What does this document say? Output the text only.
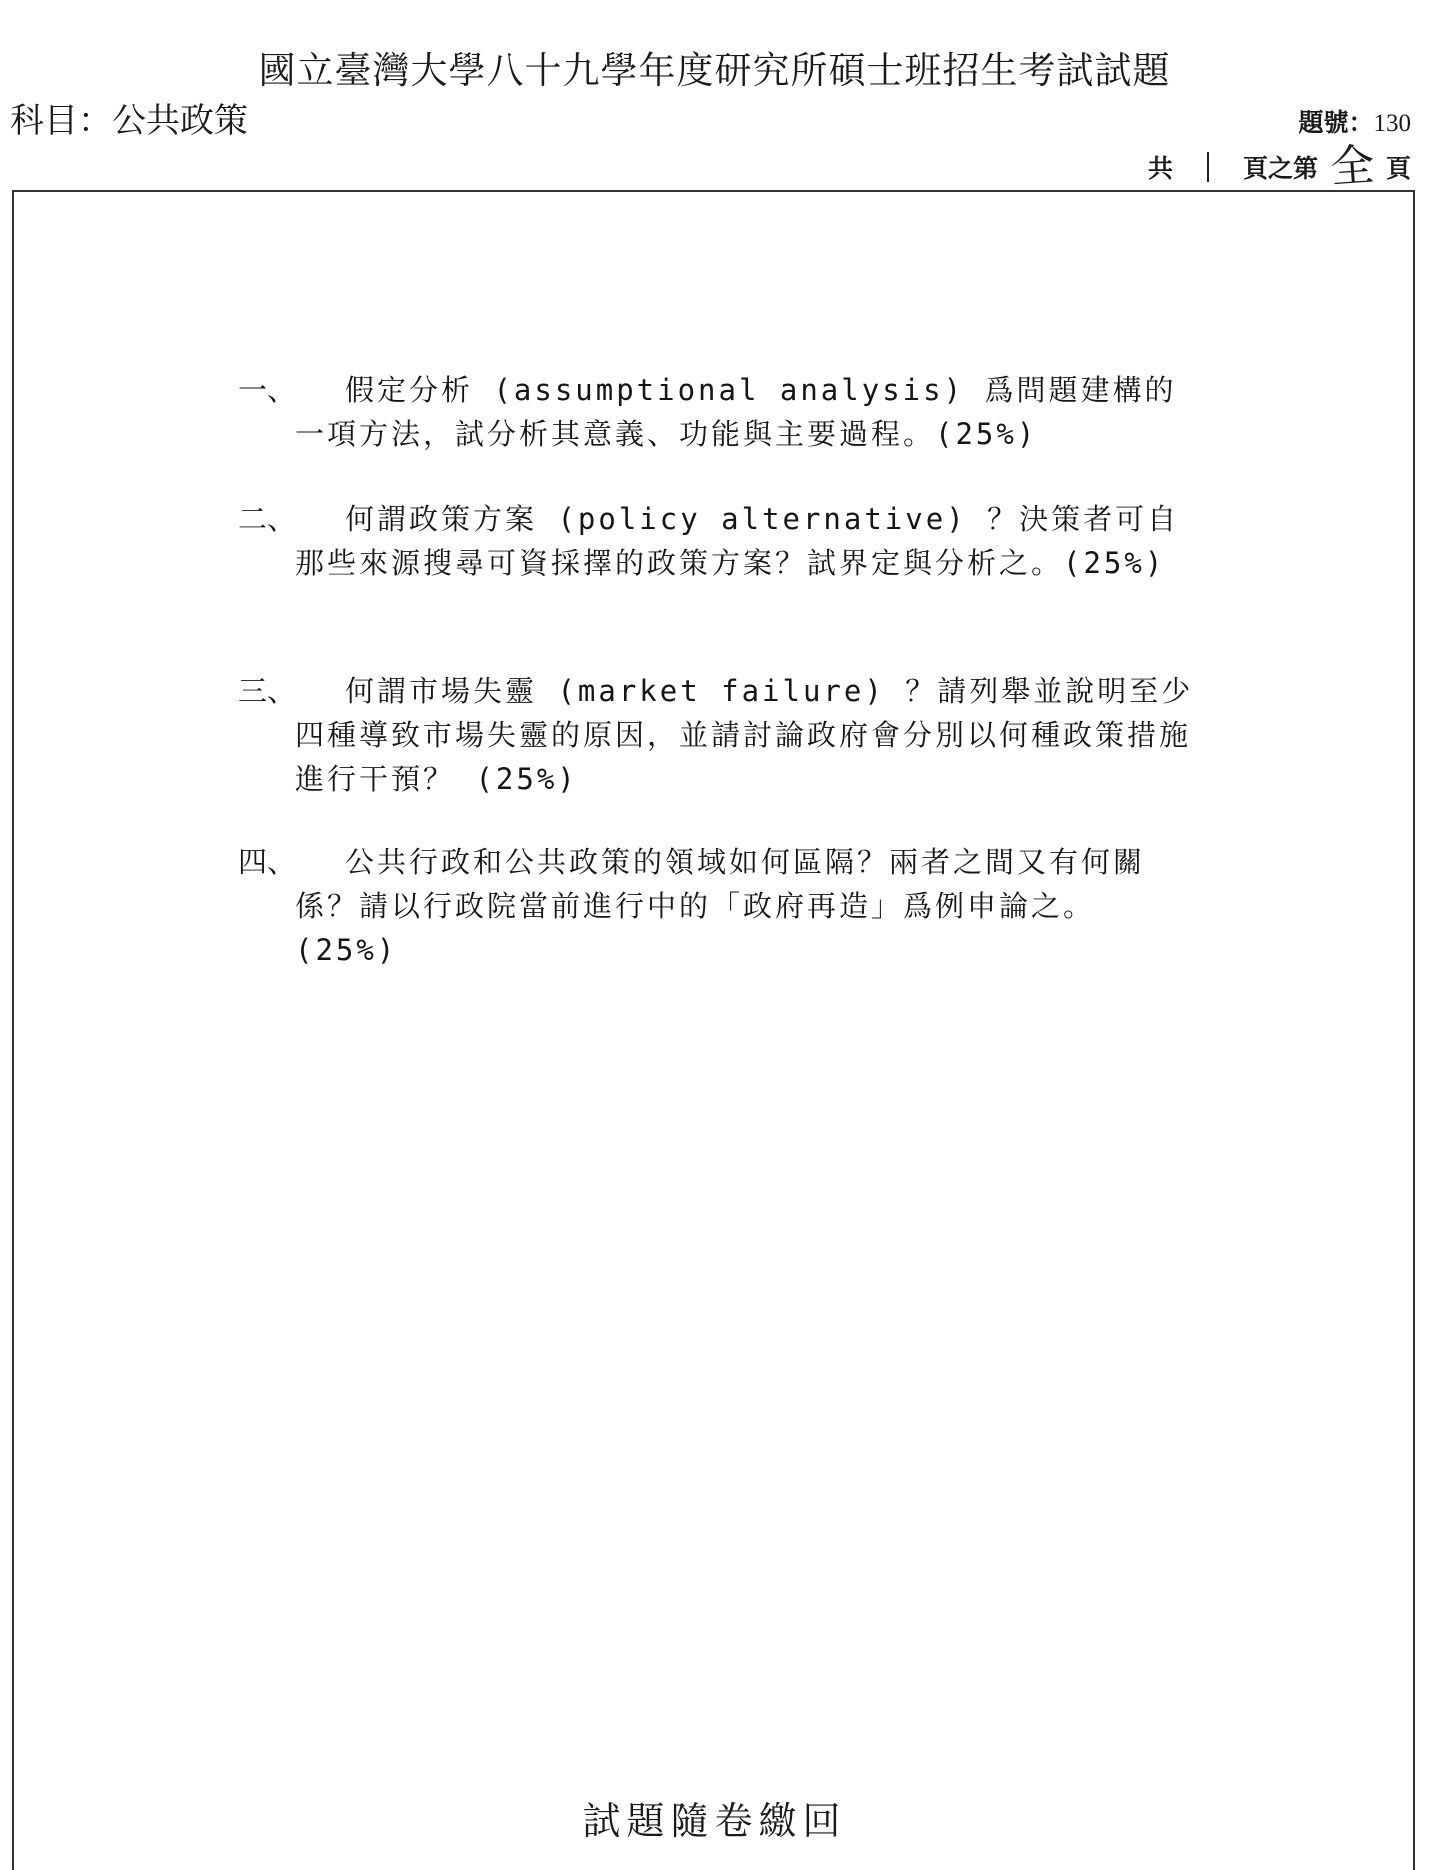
國立臺灣大學八十九學年度研究所碩士班招生考試試題
科目：公共政策	題號：130
共	頁之第 全 頁
一、	假定分析 (assumptional analysis) 爲問題建構的一項方法，試分析其意義、功能與主要過程。(25%)
二、	何謂政策方案 (policy alternative) ？決策者可自那些來源搜尋可資採擇的政策方案？試界定與分析之。(25%)
三、	何謂市場失靈 (market failure) ？請列舉並說明至少四種導致市場失靈的原因，並請討論政府會分別以何種政策措施進行干預？ (25%)
四、	公共行政和公共政策的領域如何區隔？兩者之間又有何關係？請以行政院當前進行中的「政府再造」爲例申論之。(25%)
試題隨卷繳回
